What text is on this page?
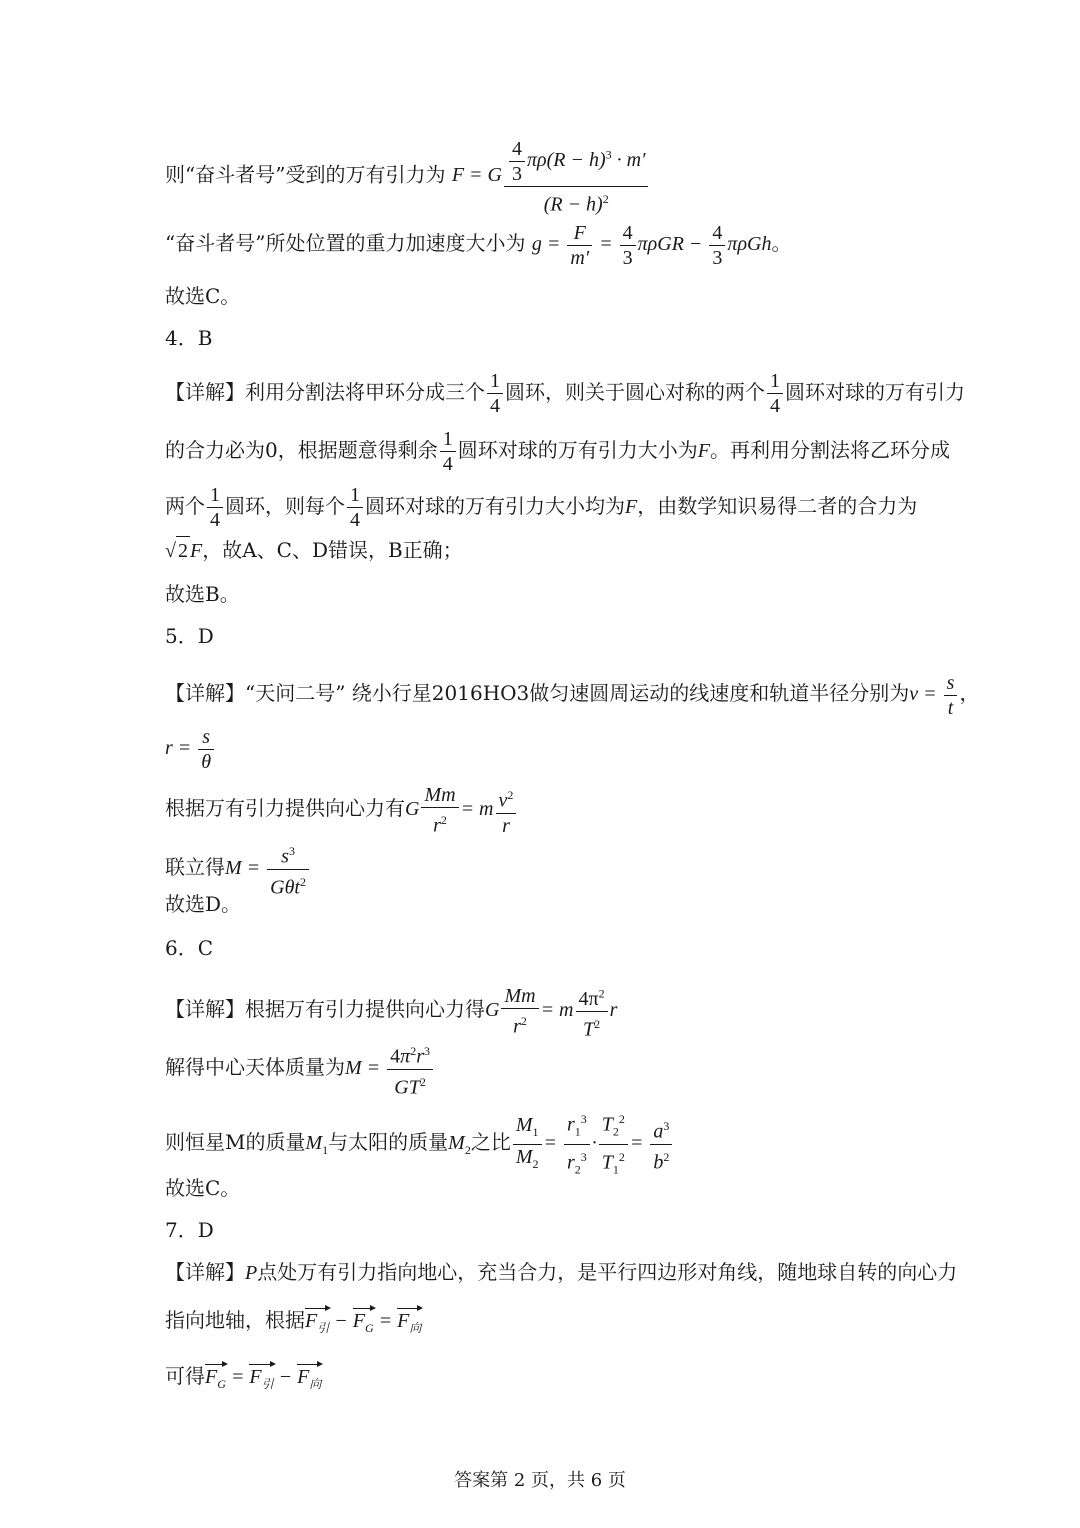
则“奋斗者号”受到的万有引力为 F = G $\frac{\frac{4}{3} \pi\rho(R - h)^3 \cdot m'}{(R - h)^2}$
“奋斗者号”所处位置的重力加速度大小为 $g = \frac{F}{m'} = \frac{4}{3}$ $\pi\rho GR - \frac{4}{3}$ πρGh。
故选C。
4．B
【详解】利用分割法将甲环分成三个 $\frac{1}{4}$ 圆环，则关于圆心对称的两个 $\frac{1}{4}$ 圆环对球的万有引力
的合力必为0，根据题意得剩余 $\frac{1}{4}$ 圆环对球的万有引力大小为F。再利用分割法将乙环分成
两个 $\frac{1}{4}$ 圆环，则每个 $\frac{1}{4}$ 圆环对球的万有引力大小均为F，由数学知识易得二者的合力为
√ 2 F，故A、C、D错误，B正确；
故选B。
5．D
【详解】“天问二号” 绕小行星2016HO3做匀速圆周运动的线速度和轨道半径分别为$v = \frac{s}{t}$ ，
$r = \frac{s}{\theta}$
根据万有引力提供向心力有G $\frac{Mm}{r^2} = m \frac{v^2}{r}$
联立得$M = \frac{s^3}{G\theta t^2}$
故选D。
6．C
【详解】根据万有引力提供向心力得G $\frac{Mm}{r^2} = m \frac{4\pi^2}{T^2}$ r
解得中心天体质量为$M = \frac{4\pi^2r^3}{GT^2}$
则恒星M的质量$M_1$与太阳的质量$M_2$之比 $\frac{M_1}{M_2} = \frac{r_1^3}{r_2^3} \cdot \frac{T_2^2}{T_1^2} = \frac{a^3}{b^2}$
故选C。
7．D
【详解】P点处万有引力指向地心，充当合力，是平行四边形对角线，随地球自转的向心力
指向地轴，根据$F_引 - F_G = F_向$
可得$F_G = F_引 - F_向$
答案第 2 页，共 6 页
